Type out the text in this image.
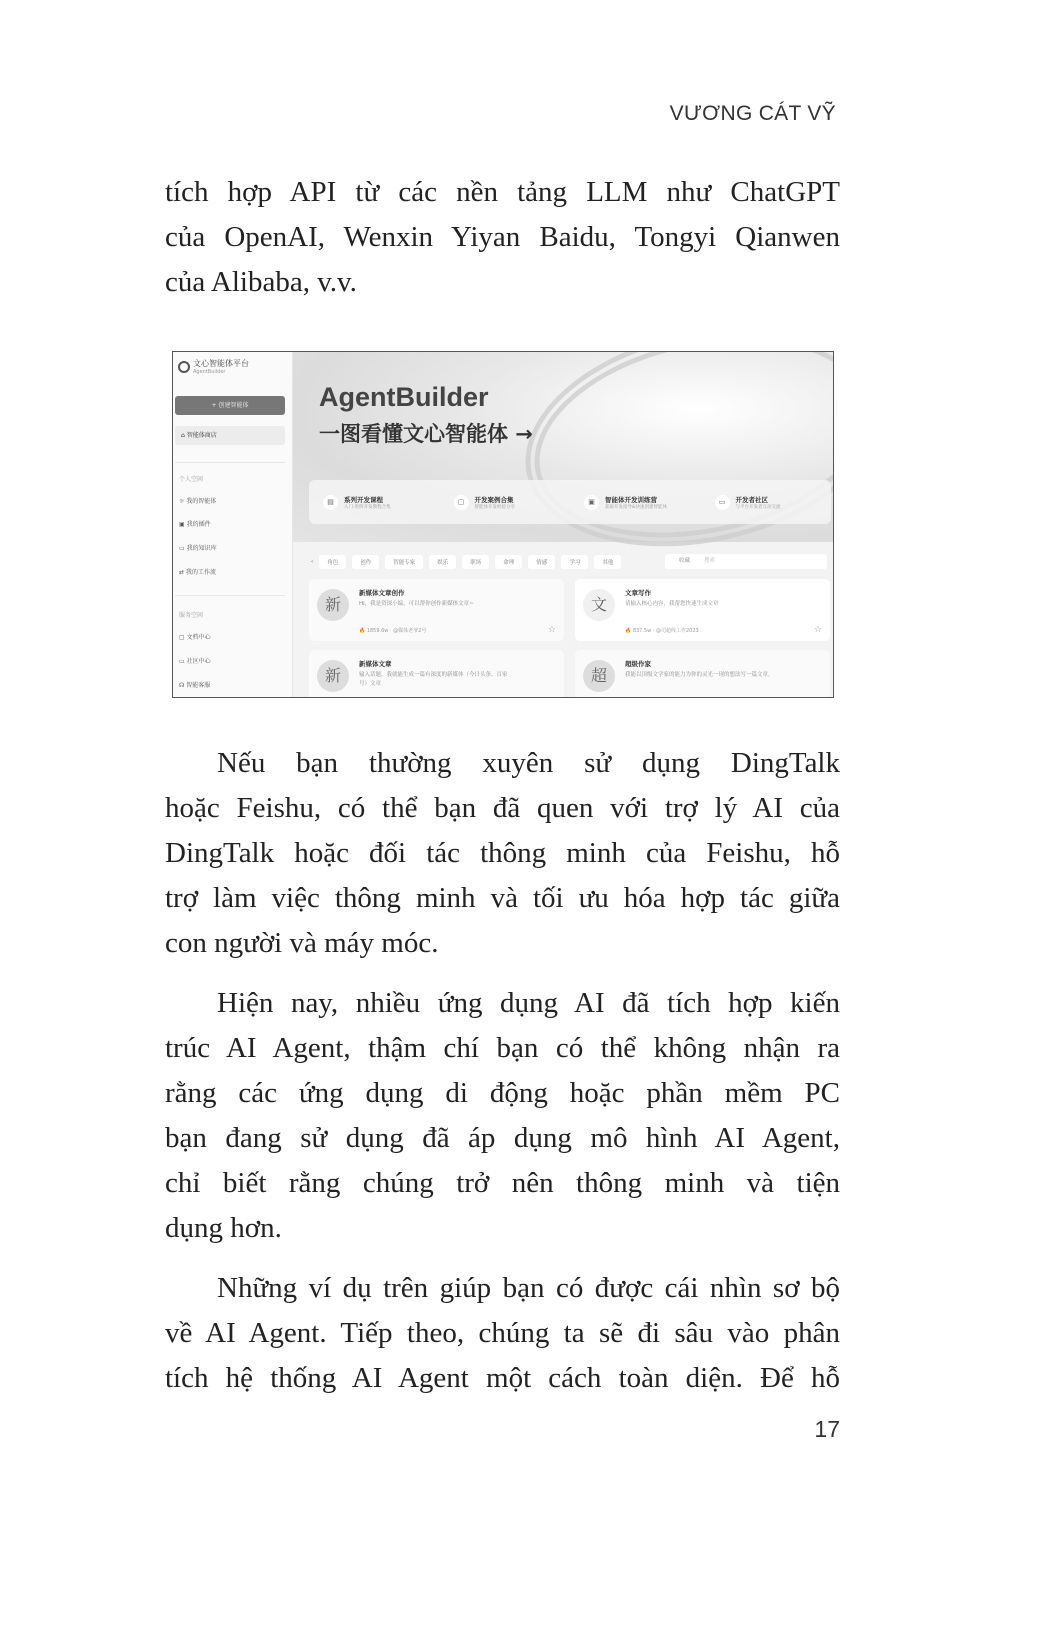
VƯƠNG CÁT VỸ
tích hợp API từ các nền tảng LLM như ChatGPT
của OpenAI, Wenxin Yiyan Baidu, Tongyi Qianwen
của Alibaba, v.v.
文心智能体平台
AgentBuilder
+ 创建智能体
⌂ 智能体商店
个人空间
☼ 我的智能体
▣ 我的插件
▭ 我的知识库
⇄ 我的工作流
服务空间
▢ 文档中心
▭ 社区中心
☊ 智能客服
AgentBuilder
一图看懂文心智能体 →
▤	系列开发课程
入门-进阶开发教程合集
▢	开发案例合集
智能体开发经验分享
▣	智能体开发训练营
获取开发指导&快速创建智能体
▭	开发者社区
与平台开发者互动交流
‹	角色	创作	智能专家	娱乐	职场	命理	情感	学习	其他	收藏	搜索
新
新媒体文章创作
Hi，我是资深小编，可以帮你创作新媒体文章~
🔥 1859.6w · @媒体老爷2号	☆
文
文章写作
请输入核心内容，我帮您快速生成文章
🔥 837.5w · @司超线工作2023	☆
新
新媒体文章
输入话题，我就能生成一篇有深度的新媒体（今日头条、百家号）文章	超
超级作家
我能以顶级文学家的能力为你的灵光一现的想法写一篇文章。
Nếu bạn thường xuyên sử dụng DingTalk
hoặc Feishu, có thể bạn đã quen với trợ lý AI của
DingTalk hoặc đối tác thông minh của Feishu, hỗ
trợ làm việc thông minh và tối ưu hóa hợp tác giữa
con người và máy móc.
Hiện nay, nhiều ứng dụng AI đã tích hợp kiến
trúc AI Agent, thậm chí bạn có thể không nhận ra
rằng các ứng dụng di động hoặc phần mềm PC
bạn đang sử dụng đã áp dụng mô hình AI Agent,
chỉ biết rằng chúng trở nên thông minh và tiện
dụng hơn.
Những ví dụ trên giúp bạn có được cái nhìn sơ bộ
về AI Agent. Tiếp theo, chúng ta sẽ đi sâu vào phân
tích hệ thống AI Agent một cách toàn diện. Để hỗ
17
